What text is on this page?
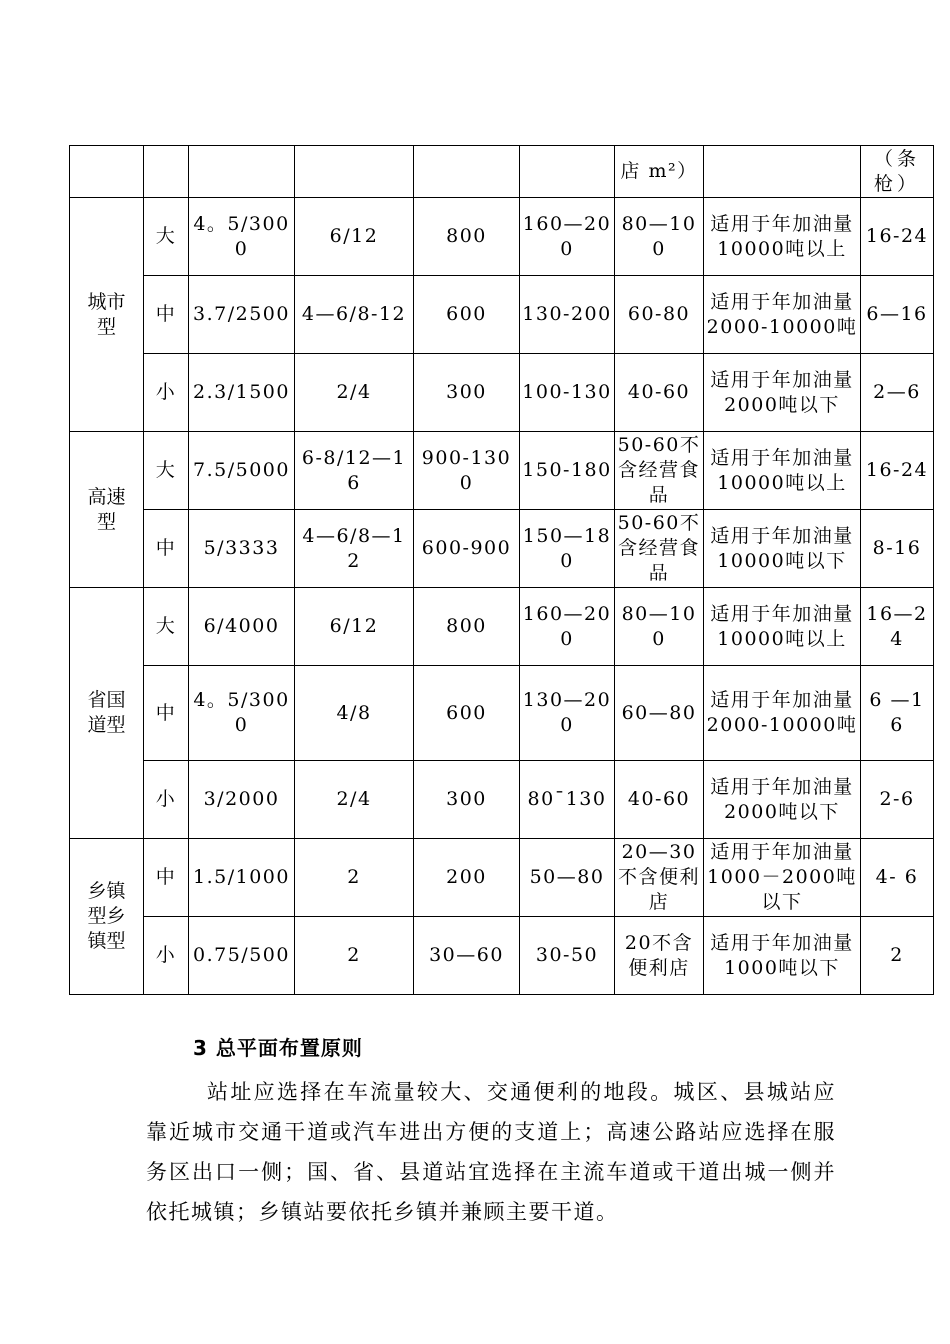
						店 m²）		（条枪）
城市型	大	4。5/3000	6/12	800	160—200	80—100	适用于年加油量10000吨以上	16-24
	中	3.7/2500	4—6/8-12	600	130-200	60-80	适用于年加油量2000-10000吨	6—16
	小	2.3/1500	2/4	300	100-130	40-60	适用于年加油量2000吨以下	2—6
高速型	大	7.5/5000	6-8/12—16	900-1300	150-180	50-60不含经营食品	适用于年加油量10000吨以上	16-24
	中	5/3333	4—6/8—12	600-900	150—180	50-60不含经营食品	适用于年加油量10000吨以下	8-16
省国道型	大	6/4000	6/12	800	160—200	80—100	适用于年加油量10000吨以上	16—24
	中	4。5/3000	4/8	600	130—200	60—80	适用于年加油量2000-10000吨	6 —16
	小	3/2000	2/4	300	80¯130	40-60	适用于年加油量2000吨以下	2-6
乡镇型乡镇型	中	1.5/1000	2	200	50—80	20—30不含便利店	适用于年加油量1000－2000吨以下	4- 6
	小	0.75/500	2	30—60	30-50	20不含便利店	适用于年加油量1000吨以下	2
3 总平面布置原则
站址应选择在车流量较大、交通便利的地段。城区、县城站应靠近城市交通干道或汽车进出方便的支道上；高速公路站应选择在服务区出口一侧；国、省、县道站宜选择在主流车道或干道出城一侧并依托城镇；乡镇站要依托乡镇并兼顾主要干道。
